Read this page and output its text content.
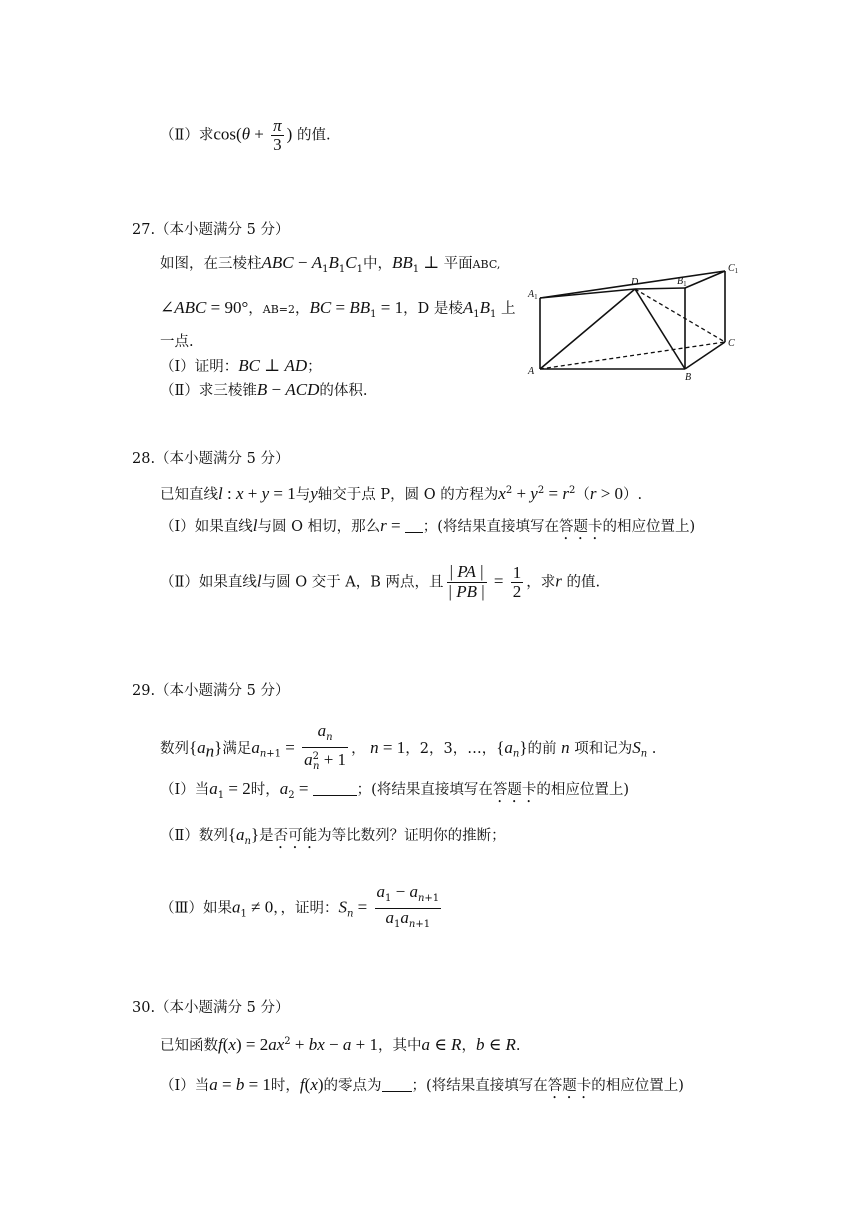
（Ⅱ）求$\cos(\theta + \frac{\pi}{3}$ ) 的值.
27.（本小题满分 5 分）
如图，在三棱柱ABC − $A_1B_1C_1$中，$BB_1$ ⊥ 平面ABC,
∠ABC = 90°，AB=2，BC = $BB_1 = 1$，D 是棱$A_1B_1$ 上
一点.
（Ⅰ）证明：BC ⊥ AD；
（Ⅱ）求三棱锥B − ACD的体积.
$A_1$
D	$B_1$
$C_1$
A
B
C
28.（本小题满分 5 分）
已知直线l : x + y = 1与y轴交于点 P，圆 O 的方程为$x^2 + y^2 = r^2(r > 0)$.
（Ⅰ）如果直线l与圆 O 相切，那么r = ；(将结果直接填写在答题卡的相应位置上)
（Ⅱ）如果直线l与圆 O 交于 A，B 两点，且 $\frac{| PA |}{| PB |} = \frac{1}{2}$ ，求r 的值.
29.（本小题满分 5 分）
数列$\{a_n\}$满足$a_{n+1} = \frac{a_n}{a^2_n + 1}$ ， n = 1，2，3，…，$\{a_n\}$的前 n 项和记为$S_n$ .
（Ⅰ）当$a_1 = 2$时，$a_2$ =	；(将结果直接填写在答题卡的相应位置上)
（Ⅱ）数列$\{a_n\}$是否可能为等比数列？证明你的推断；
（Ⅲ）如果$a_1 \ne 0$，，证明：$S_n = \frac{a_1 - a_{n+1}}{a_1a_{n+1}}$
30.（本小题满分 5 分）
已知函数$f(x) = 2ax^2$ + bx − a + 1，其中a ∈ R，b ∈ R.
（Ⅰ）当a = b = 1时，f(x)的零点为 ；(将结果直接填写在答题卡的相应位置上)
